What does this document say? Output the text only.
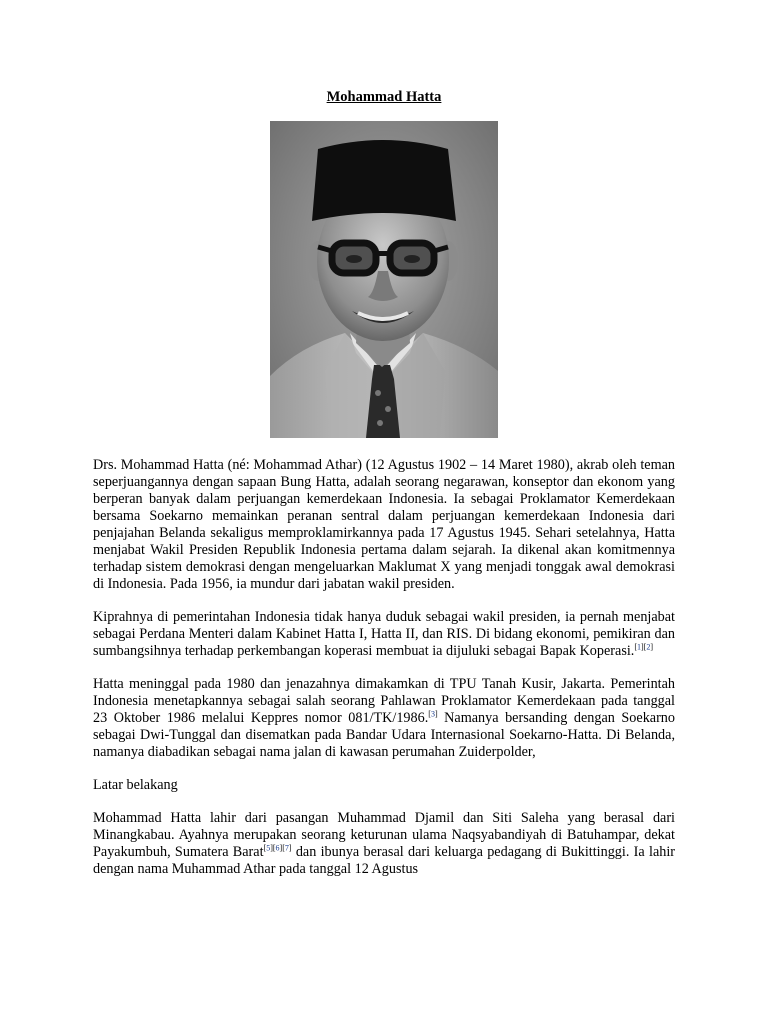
Mohammad Hatta

Drs. Mohammad Hatta (né: Mohammad Athar) (12 Agustus 1902 – 14 Maret 1980), akrab oleh teman seperjuangannya dengan sapaan Bung Hatta, adalah seorang negarawan, konseptor dan ekonom yang berperan banyak dalam perjuangan kemerdekaan Indonesia. Ia sebagai Proklamator Kemerdekaan bersama Soekarno memainkan peranan sentral dalam perjuangan kemerdekaan Indonesia dari penjajahan Belanda sekaligus memproklamirkannya pada 17 Agustus 1945. Sehari setelahnya, Hatta menjabat Wakil Presiden Republik Indonesia pertama dalam sejarah. Ia dikenal akan komitmennya terhadap sistem demokrasi dengan mengeluarkan Maklumat X yang menjadi tonggak awal demokrasi di Indonesia. Pada 1956, ia mundur dari jabatan wakil presiden.

Kiprahnya di pemerintahan Indonesia tidak hanya duduk sebagai wakil presiden, ia pernah menjabat sebagai Perdana Menteri dalam Kabinet Hatta I, Hatta II, dan RIS. Di bidang ekonomi, pemikiran dan sumbangsihnya terhadap perkembangan koperasi membuat ia dijuluki sebagai Bapak Koperasi.[1][2]

Hatta meninggal pada 1980 dan jenazahnya dimakamkan di TPU Tanah Kusir, Jakarta. Pemerintah Indonesia menetapkannya sebagai salah seorang Pahlawan Proklamator Kemerdekaan pada tanggal 23 Oktober 1986 melalui Keppres nomor 081/TK/1986.[3] Namanya bersanding dengan Soekarno sebagai Dwi-Tunggal dan disematkan pada Bandar Udara Internasional Soekarno-Hatta. Di Belanda, namanya diabadikan sebagai nama jalan di kawasan perumahan Zuiderpolder,

Latar belakang

Mohammad Hatta lahir dari pasangan Muhammad Djamil dan Siti Saleha yang berasal dari Minangkabau. Ayahnya merupakan seorang keturunan ulama Naqsyabandiyah di Batuhampar, dekat Payakumbuh, Sumatera Barat[5][6][7] dan ibunya berasal dari keluarga pedagang di Bukittinggi. Ia lahir dengan nama Muhammad Athar pada tanggal 12 Agustus
